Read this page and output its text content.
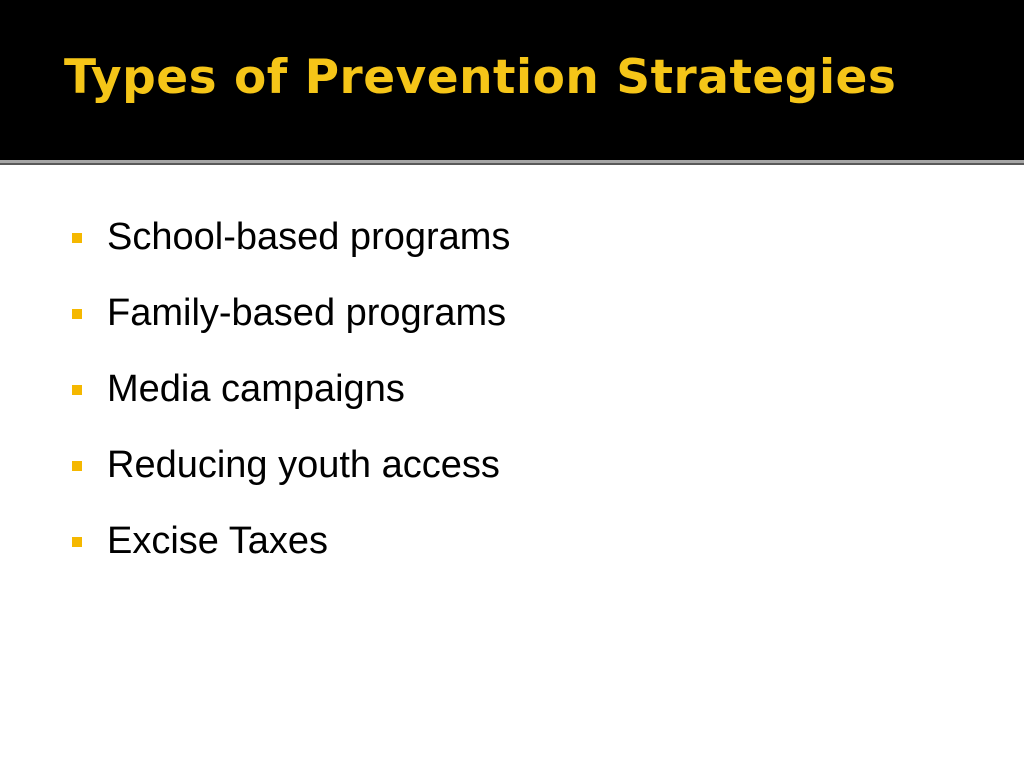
Types of Prevention Strategies
School-based programs
Family-based programs
Media campaigns
Reducing youth access
Excise Taxes
